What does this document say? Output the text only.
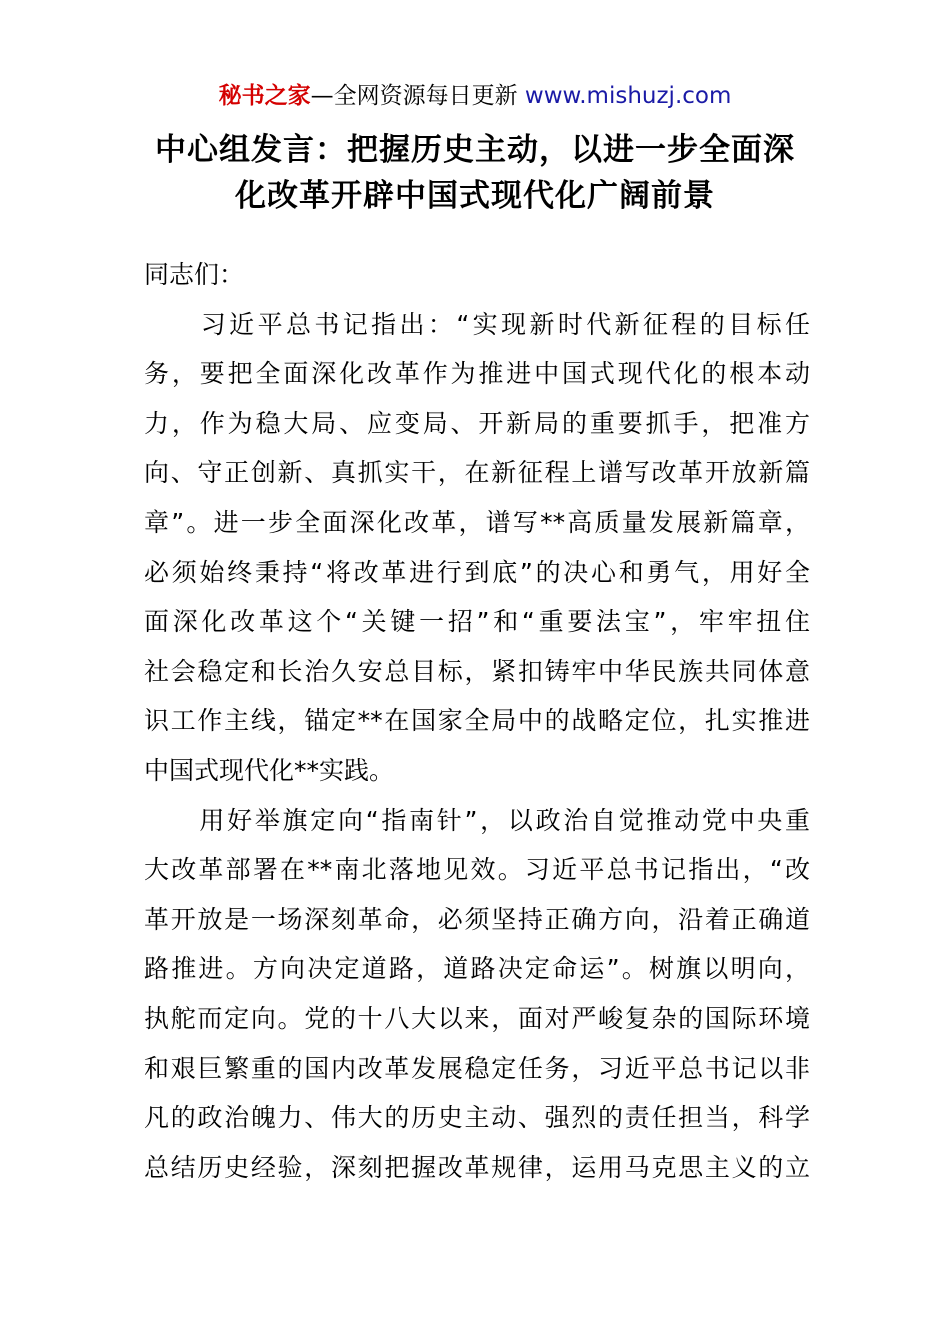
秘书之家—全网资源每日更新 www.mishuzj.com
中心组发言：把握历史主动，以进一步全面深
化改革开辟中国式现代化广阔前景
同志们：
　　习近平总书记指出：“实现新时代新征程的目标任
务，要把全面深化改革作为推进中国式现代化的根本动
力，作为稳大局、应变局、开新局的重要抓手，把准方
向、守正创新、真抓实干，在新征程上谱写改革开放新篇
章”。进一步全面深化改革，谱写**高质量发展新篇章，
必须始终秉持“将改革进行到底”的决心和勇气，用好全
面深化改革这个“关键一招”和“重要法宝”，牢牢扭住
社会稳定和长治久安总目标，紧扣铸牢中华民族共同体意
识工作主线，锚定**在国家全局中的战略定位，扎实推进
中国式现代化**实践。
　　用好举旗定向“指南针”，以政治自觉推动党中央重
大改革部署在**南北落地见效。习近平总书记指出，“改
革开放是一场深刻革命，必须坚持正确方向，沿着正确道
路推进。方向决定道路，道路决定命运”。树旗以明向，
执舵而定向。党的十八大以来，面对严峻复杂的国际环境
和艰巨繁重的国内改革发展稳定任务，习近平总书记以非
凡的政治魄力、伟大的历史主动、强烈的责任担当，科学
总结历史经验，深刻把握改革规律，运用马克思主义的立
